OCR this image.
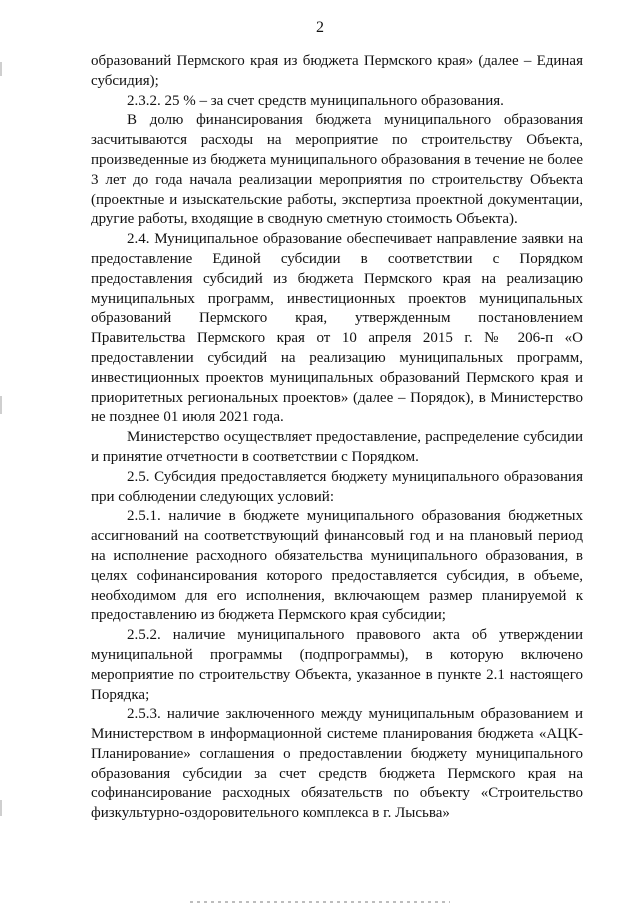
2

образований Пермского края из бюджета Пермского края» (далее – Единая субсидия);

2.3.2. 25 % – за счет средств муниципального образования.

В долю финансирования бюджета муниципального образования засчитываются расходы на мероприятие по строительству Объекта, произведенные из бюджета муниципального образования в течение не более 3 лет до года начала реализации мероприятия по строительству Объекта (проектные и изыскательские работы, экспертиза проектной документации, другие работы, входящие в сводную сметную стоимость Объекта).

2.4. Муниципальное образование обеспечивает направление заявки на предоставление Единой субсидии в соответствии с Порядком предоставления субсидий из бюджета Пермского края на реализацию муниципальных программ, инвестиционных проектов муниципальных образований Пермского края, утвержденным постановлением Правительства Пермского края от 10 апреля 2015 г. № 206-п «О предоставлении субсидий на реализацию муниципальных программ, инвестиционных проектов муниципальных образований Пермского края и приоритетных региональных проектов» (далее – Порядок), в Министерство не позднее 01 июля 2021 года.

Министерство осуществляет предоставление, распределение субсидии и принятие отчетности в соответствии с Порядком.

2.5. Субсидия предоставляется бюджету муниципального образования при соблюдении следующих условий:

2.5.1. наличие в бюджете муниципального образования бюджетных ассигнований на соответствующий финансовый год и на плановый период на исполнение расходного обязательства муниципального образования, в целях софинансирования которого предоставляется субсидия, в объеме, необходимом для его исполнения, включающем размер планируемой к предоставлению из бюджета Пермского края субсидии;

2.5.2. наличие муниципального правового акта об утверждении муниципальной программы (подпрограммы), в которую включено мероприятие по строительству Объекта, указанное в пункте 2.1 настоящего Порядка;

2.5.3. наличие заключенного между муниципальным образованием и Министерством в информационной системе планирования бюджета «АЦК-Планирование» соглашения о предоставлении бюджету муниципального образования субсидии за счет средств бюджета Пермского края на софинансирование расходных обязательств по объекту «Строительство физкультурно-оздоровительного комплекса в г. Лысьва»
